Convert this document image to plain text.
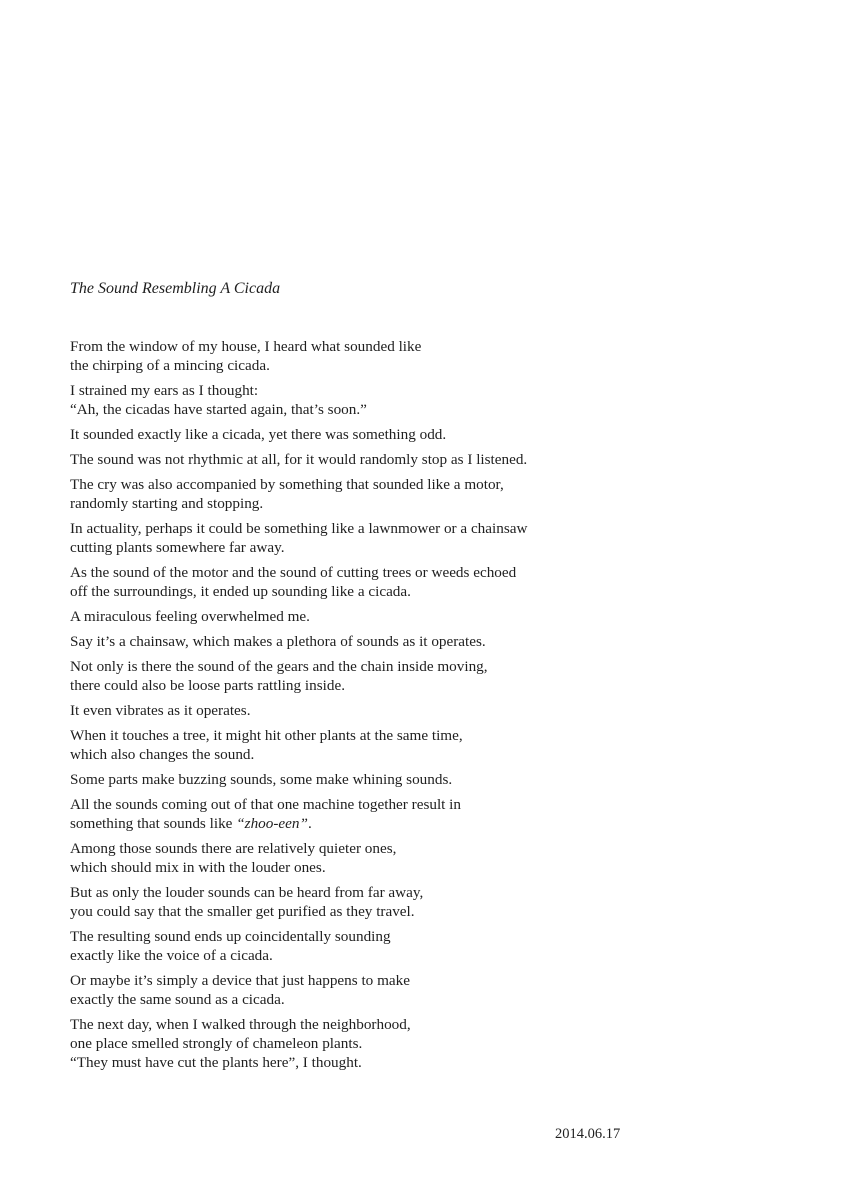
The Sound Resembling A Cicada

From the window of my house, I heard what sounded like
the chirping of a mincing cicada.

I strained my ears as I thought:
“Ah, the cicadas have started again, that’s soon.”

It sounded exactly like a cicada, yet there was something odd.

The sound was not rhythmic at all, for it would randomly stop as I listened.

The cry was also accompanied by something that sounded like a motor,
randomly starting and stopping.

In actuality, perhaps it could be something like a lawnmower or a chainsaw
cutting plants somewhere far away.

As the sound of the motor and the sound of cutting trees or weeds echoed
off the surroundings, it ended up sounding like a cicada.

A miraculous feeling overwhelmed me.

Say it’s a chainsaw, which makes a plethora of sounds as it operates.

Not only is there the sound of the gears and the chain inside moving,
there could also be loose parts rattling inside.

It even vibrates as it operates.

When it touches a tree, it might hit other plants at the same time,
which also changes the sound.

Some parts make buzzing sounds, some make whining sounds.

All the sounds coming out of that one machine together result in
something that sounds like “zhoo-een”.

Among those sounds there are relatively quieter ones,
which should mix in with the louder ones.

But as only the louder sounds can be heard from far away,
you could say that the smaller get purified as they travel.

The resulting sound ends up coincidentally sounding
exactly like the voice of a cicada.

Or maybe it’s simply a device that just happens to make
exactly the same sound as a cicada.

The next day, when I walked through the neighborhood,
one place smelled strongly of chameleon plants.
“They must have cut the plants here”, I thought.

2014.06.17
